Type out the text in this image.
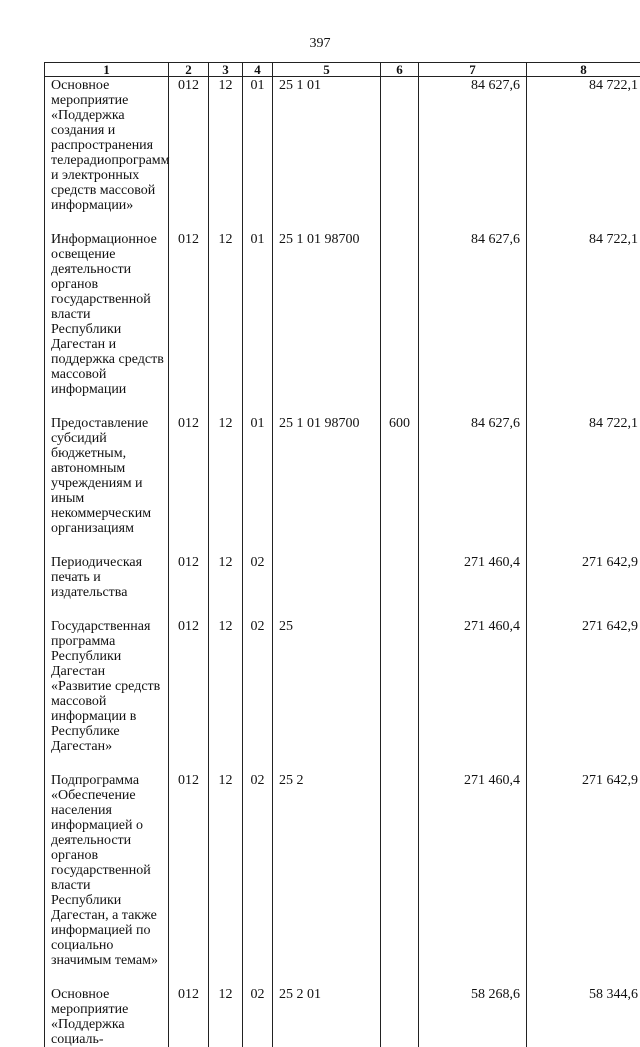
397
1	2	3	4	5	6	7	8

Основное мероприятие «Поддержка создания и распространения телерадиопрограмм и электронных средств массовой информации»	012	12	01	25 1 01		84 627,6	84 722,1

Информационное освещение деятельности органов государственной власти Республики Дагестан и поддержка средств массовой информации	012	12	01	25 1 01 98700		84 627,6	84 722,1

Предоставление субсидий бюджетным, автономным учреждениям и иным некоммерческим организациям	012	12	01	25 1 01 98700	600	84 627,6	84 722,1

Периодическая печать и издательства	012	12	02			271 460,4	271 642,9

Государственная программа Республики Дагестан «Развитие средств массовой информации в Республике Дагестан»	012	12	02	25		271 460,4	271 642,9

Подпрограмма «Обеспечение населения информацией о деятельности органов государственной власти Республики Дагестан, а также информацией по социально значимым темам»	012	12	02	25 2		271 460,4	271 642,9

Основное мероприятие «Поддержка социаль-	012	12	02	25 2 01		58 268,6	58 344,6
